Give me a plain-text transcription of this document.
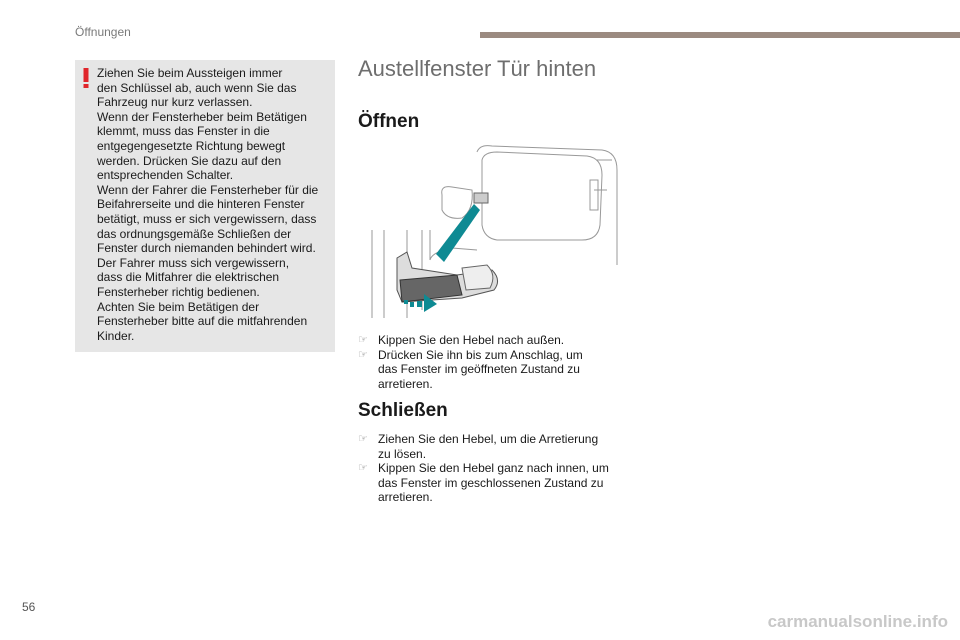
Öffnungen
Ziehen Sie beim Aussteigen immer
den Schlüssel ab, auch wenn Sie das
Fahrzeug nur kurz verlassen.
Wenn der Fensterheber beim Betätigen
klemmt, muss das Fenster in die
entgegengesetzte Richtung bewegt
werden. Drücken Sie dazu auf den
entsprechenden Schalter.
Wenn der Fahrer die Fensterheber für die
Beifahrerseite und die hinteren Fenster
betätigt, muss er sich vergewissern, dass
das ordnungsgemäße Schließen der
Fenster durch niemanden behindert wird.
Der Fahrer muss sich vergewissern,
dass die Mitfahrer die elektrischen
Fensterheber richtig bedienen.
Achten Sie beim Betätigen der
Fensterheber bitte auf die mitfahrenden
Kinder.
Austellfenster Tür hinten
Öffnen
☞ Kippen Sie den Hebel nach außen.
☞ Drücken Sie ihn bis zum Anschlag, um
das Fenster im geöffneten Zustand zu
arretieren.
Schließen
☞ Ziehen Sie den Hebel, um die Arretierung
zu lösen.
☞ Kippen Sie den Hebel ganz nach innen, um
das Fenster im geschlossenen Zustand zu
arretieren.
56
carmanualsonline.info
